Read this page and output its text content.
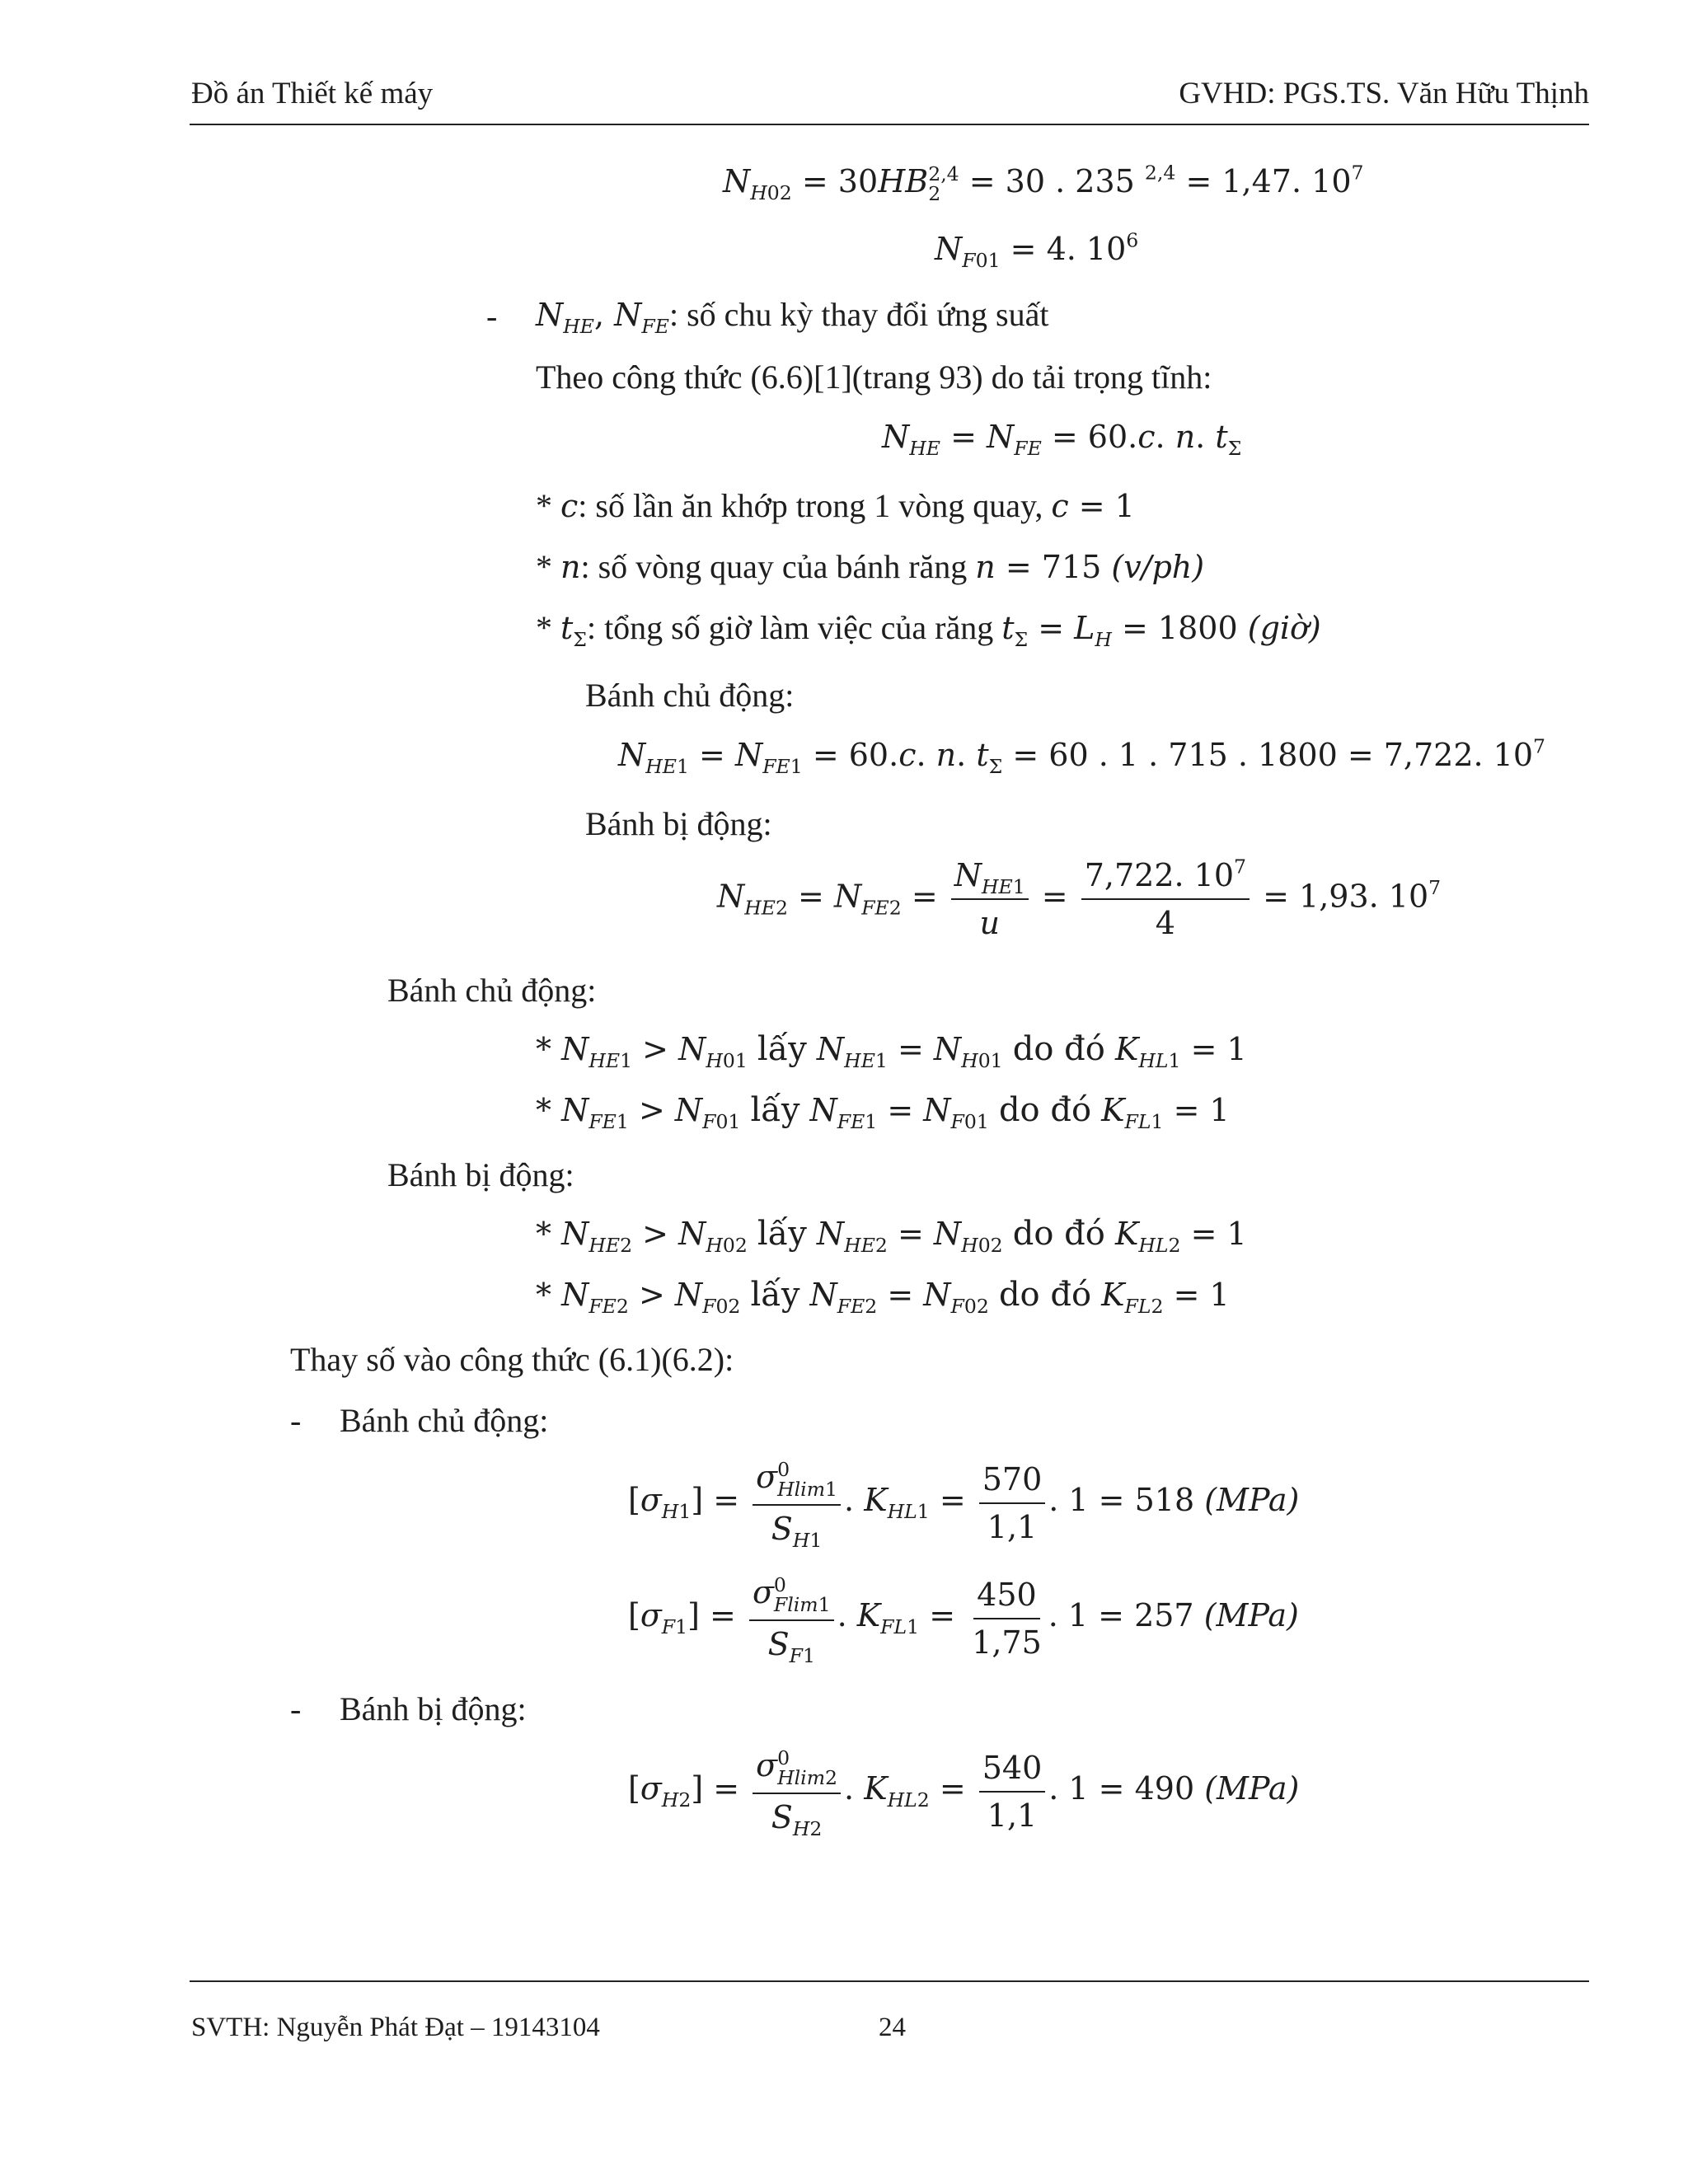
Đồ án Thiết kế máy	GVHD: PGS.TS. Văn Hữu Thịnh
$N_{H02} = 30HB$ 2,4
2 = 30 . 235 $^{2,4}$ = 1,47. $10^7$
$N_{F01} = 4$. $10^6$
- $N_{HE}$, $N_{FE}$: số chu kỳ thay đổi ứng suất
Theo công thức (6.6)[1](trang 93) do tải trọng tĩnh:
$N_{HE} = N_{FE} = 60.c$. n. $t_\Sigma$
* c: số lần ăn khớp trong 1 vòng quay, c = 1
* n: số vòng quay của bánh răng n = 715 (v/ph)
* $t_\Sigma$: tổng số giờ làm việc của răng $t_\Sigma = L_H = 1800$ (giờ)
Bánh chủ động:
$N_{HE1} = N_{FE1} = 60.c$. n. $t_\Sigma = 60$ . 1 . 715 . 1800 = 7,722. $10^7$
Bánh bị động:
$N_{HE2} = N_{FE2} = \frac{N_{HE1}}{u} = \frac{7,722. 10^7}{4} = 1,93$. $10^7$
Bánh chủ động:
* $N_{HE1} > N_{H01}$ lấy $N_{HE1} = N_{H01}$ do đó $K_{HL1} = 1$
* $N_{FE1} > N_{F01}$ lấy $N_{FE1} = N_{F01}$ do đó $K_{FL1} = 1$
Bánh bị động:
* $N_{HE2} > N_{H02}$ lấy $N_{HE2} = N_{H02}$ do đó $K_{HL2} = 1$
* $N_{FE2} > N_{F02}$ lấy $N_{FE2} = N_{F02}$ do đó $K_{FL2} = 1$
Thay số vào công thức (6.1)(6.2):
- Bánh chủ động:
$[\sigma_{H1}] = \sigma$ 0
Hlim1
$S_{H1}$ . $K_{HL1} = \frac{570}{1,1}$ . 1 = 518 (MPa)
$[\sigma_{F1}] = \sigma$ 0
Flim1
$S_{F1}$ . $K_{FL1} = \frac{450}{1,75}$ . 1 = 257 (MPa)
- Bánh bị động:
$[\sigma_{H2}] = \sigma$ 0
Hlim2
$S_{H2}$ . $K_{HL2} = \frac{540}{1,1}$ . 1 = 490 (MPa)
SVTH: Nguyễn Phát Đạt – 19143104	24
